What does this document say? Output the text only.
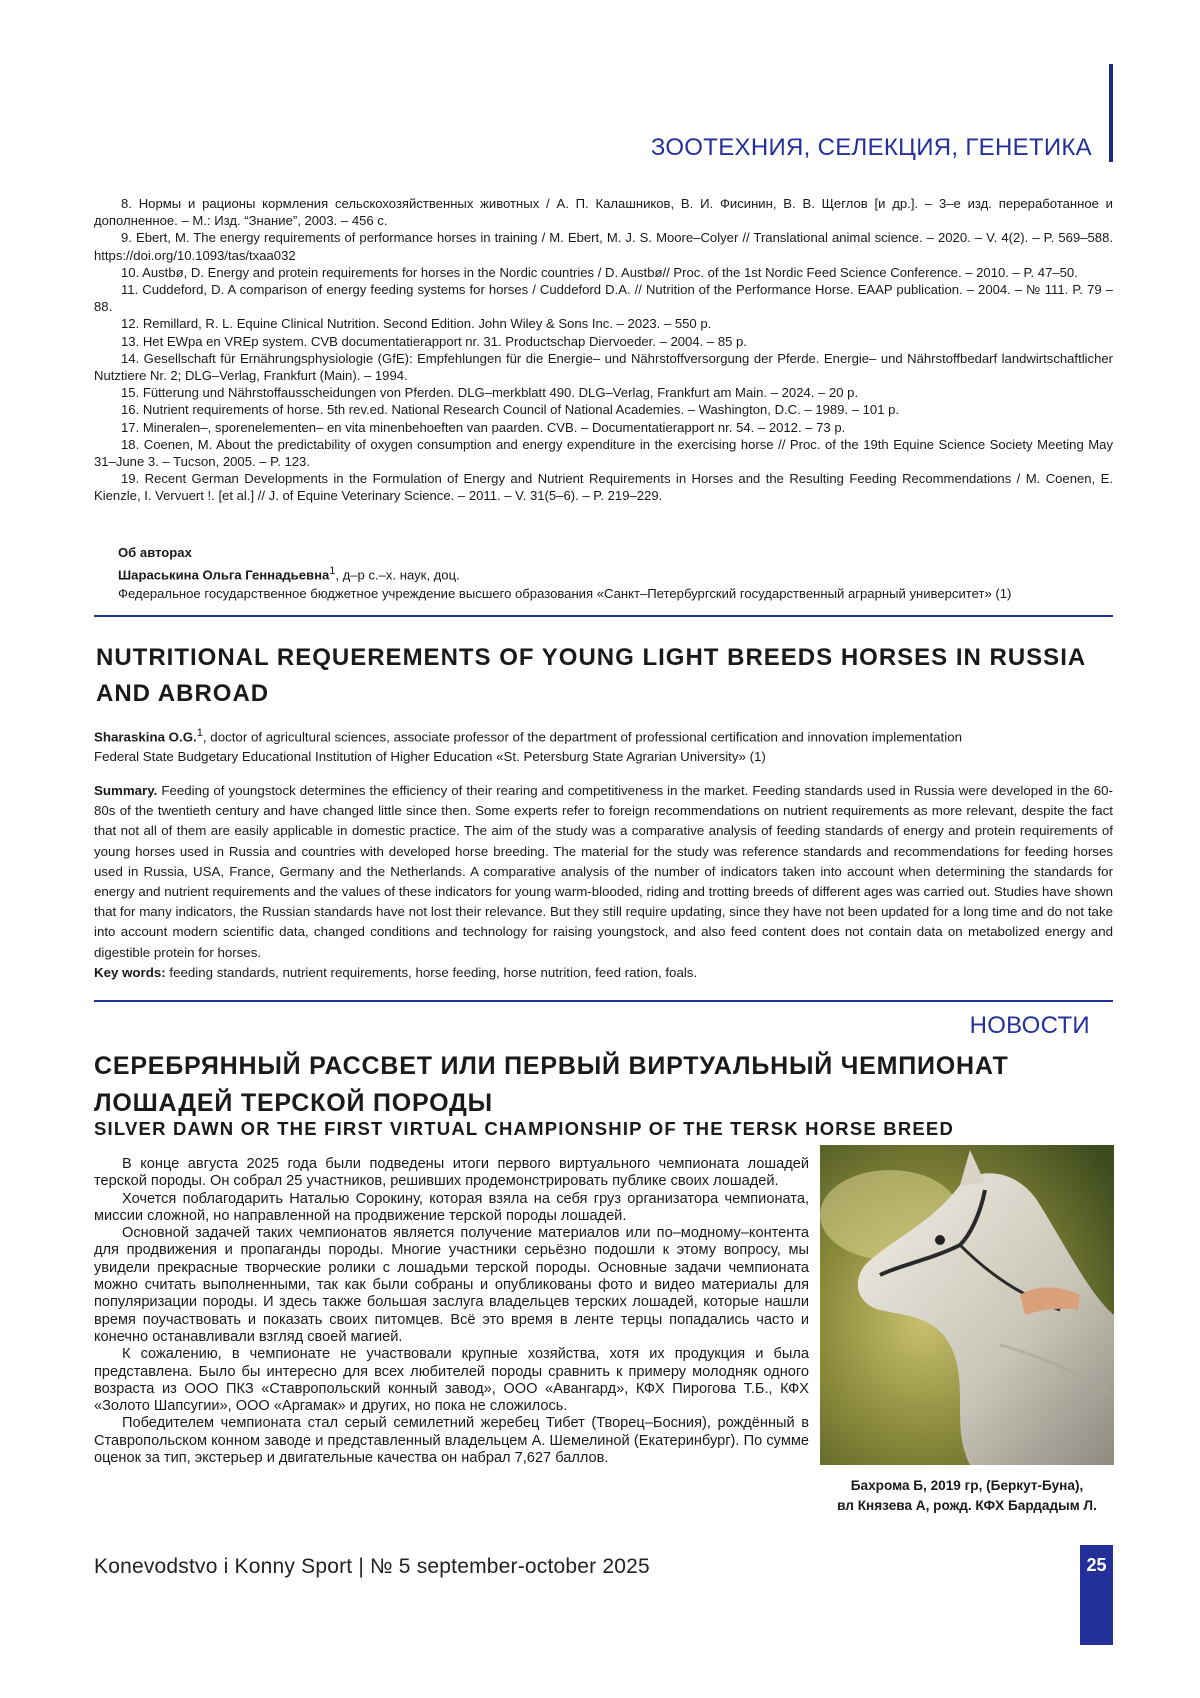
ЗООТЕХНИЯ, СЕЛЕКЦИЯ, ГЕНЕТИКА

8. Нормы и рационы кормления сельскохозяйственных животных / А. П. Калашников, В. И. Фисинин, В. В. Щеглов [и др.]. – 3–е изд. переработанное и дополненное. – М.: Изд. “Знание”, 2003. – 456 с.

9. Ebert, M. The energy requirements of performance horses in training / M. Ebert, M. J. S. Moore–Colyer // Translational animal science. – 2020. – V. 4(2). – P. 569–588. https://doi.org/10.1093/tas/txaa032

10. Austbø, D. Energy and protein requirements for horses in the Nordic countries / D. Austbø// Proc. of the 1st Nordic Feed Science Conference. – 2010. – P. 47–50.

11. Cuddeford, D. A comparison of energy feeding systems for horses / Cuddeford D.A. // Nutrition of the Performance Horse. EAAP publication. – 2004. – № 111. P. 79 – 88.

12. Remillard, R. L. Equine Clinical Nutrition. Second Edition. John Wiley & Sons Inc. – 2023. – 550 p.

13. Het EWpa en VREp system. CVB documentatierapport nr. 31. Productschap Diervoeder. – 2004. – 85 p.

14. Gesellschaft für Ernährungsphysiologie (GfE): Empfehlungen für die Energie– und Nährstoffversorgung der Pferde. Energie– und Nährstoffbedarf landwirtschaftlicher Nutztiere Nr. 2; DLG–Verlag, Frankfurt (Main). – 1994.

15. Fütterung und Nährstoffausscheidungen von Pferden. DLG–merkblatt 490. DLG–Verlag, Frankfurt am Main. – 2024. – 20 p.

16. Nutrient requirements of horse. 5th rev.ed. National Research Council of National Academies. – Washington, D.C. – 1989. – 101 p.

17. Mineralen–, sporenelementen– en vita minenbehoeften van paarden. CVB. – Documentatierapport nr. 54. – 2012. – 73 p.

18. Coenen, M. About the predictability of oxygen consumption and energy expenditure in the exercising horse // Proc. of the 19th Equine Science Society Meeting May 31–June 3. – Tucson, 2005. – P. 123.

19. Recent German Developments in the Formulation of Energy and Nutrient Requirements in Horses and the Resulting Feeding Recommendations / M. Coenen, E. Kienzle, I. Vervuert !. [et al.] // J. of Equine Veterinary Science. – 2011. – V. 31(5–6). – P. 219–229.

Об авторах
Шараськина Ольга Геннадьевна$^1$, д–р с.–х. наук, доц.
Федеральное государственное бюджетное учреждение высшего образования «Санкт–Петербургский государственный аграрный университет» (1)
NUTRITIONAL REQUEREMENTS OF YOUNG LIGHT BREEDS HORSES IN RUSSIA AND ABROAD
Sharaskina O.G.$^1$, doctor of agricultural sciences, associate professor of the department of professional certification and innovation implementation
Federal State Budgetary Educational Institution of Higher Education «St. Petersburg State Agrarian University» (1)

Summary. Feeding of youngstock determines the efficiency of their rearing and competitiveness in the market. Feeding standards used in Russia were developed in the 60-80s of the twentieth century and have changed little since then. Some experts refer to foreign recommendations on nutrient requirements as more relevant, despite the fact that not all of them are easily applicable in domestic practice. The aim of the study was a comparative analysis of feeding standards of energy and protein requirements of young horses used in Russia and countries with developed horse breeding. The material for the study was reference standards and recommendations for feeding horses used in Russia, USA, France, Germany and the Netherlands. A comparative analysis of the number of indicators taken into account when determining the standards for energy and nutrient requirements and the values of these indicators for young warm-blooded, riding and trotting breeds of different ages was carried out. Studies have shown that for many indicators, the Russian standards have not lost their relevance. But they still require updating, since they have not been updated for a long time and do not take into account modern scientific data, changed conditions and technology for raising youngstock, and also feed content does not contain data on metabolized energy and digestible protein for horses.

Key words: feeding standards, nutrient requirements, horse feeding, horse nutrition, feed ration, foals.

НОВОСТИ
СЕРЕБРЯННЫЙ РАССВЕТ ИЛИ ПЕРВЫЙ ВИРТУАЛЬНЫЙ ЧЕМПИОНАТ ЛОШАДЕЙ ТЕРСКОЙ ПОРОДЫ
SILVER DAWN OR THE FIRST VIRTUAL CHAMPIONSHIP OF THE TERSK HORSE BREED

В конце августа 2025 года были подведены итоги первого виртуального чемпионата лошадей терской породы. Он собрал 25 участников, решивших продемонстрировать публике своих лошадей.

Хочется поблагодарить Наталью Сорокину, которая взяла на себя груз организатора чемпионата, миссии сложной, но направленной на продвижение терской породы лошадей.

Основной задачей таких чемпионатов является получение материалов или по–модному–контента для продвижения и пропаганды породы. Многие участники серьёзно подошли к этому вопросу, мы увидели прекрасные творческие ролики с лошадьми терской породы. Основные задачи чемпионата можно считать выполненными, так как были собраны и опубликованы фото и видео материалы для популяризации породы. И здесь также большая заслуга владельцев терских лошадей, которые нашли время поучаствовать и показать своих питомцев. Всё это время в ленте терцы попадались часто и конечно останавливали взгляд своей магией.

К сожалению, в чемпионате не участвовали крупные хозяйства, хотя их продукция и была представлена. Было бы интересно для всех любителей породы сравнить к примеру молодняк одного возраста из ООО ПКЗ «Ставропольский конный завод», ООО «Авангард», КФХ Пирогова Т.Б., КФХ «Золото Шапсугии», ООО «Аргамак» и других, но пока не сложилось.

Победителем чемпионата стал серый семилетний жеребец Тибет (Творец–Босния), рождённый в Ставропольском конном заводе и представленный владельцем А. Шемелиной (Екатеринбург). По сумме оценок за тип, экстерьер и двигательные качества он набрал 7,627 баллов.

Бахрома Б, 2019 гр, (Беркут-Буна),
вл Князева А, рожд. КФХ Бардадым Л.
Konevodstvo i Konny Sport | № 5 september-october 2025	25
